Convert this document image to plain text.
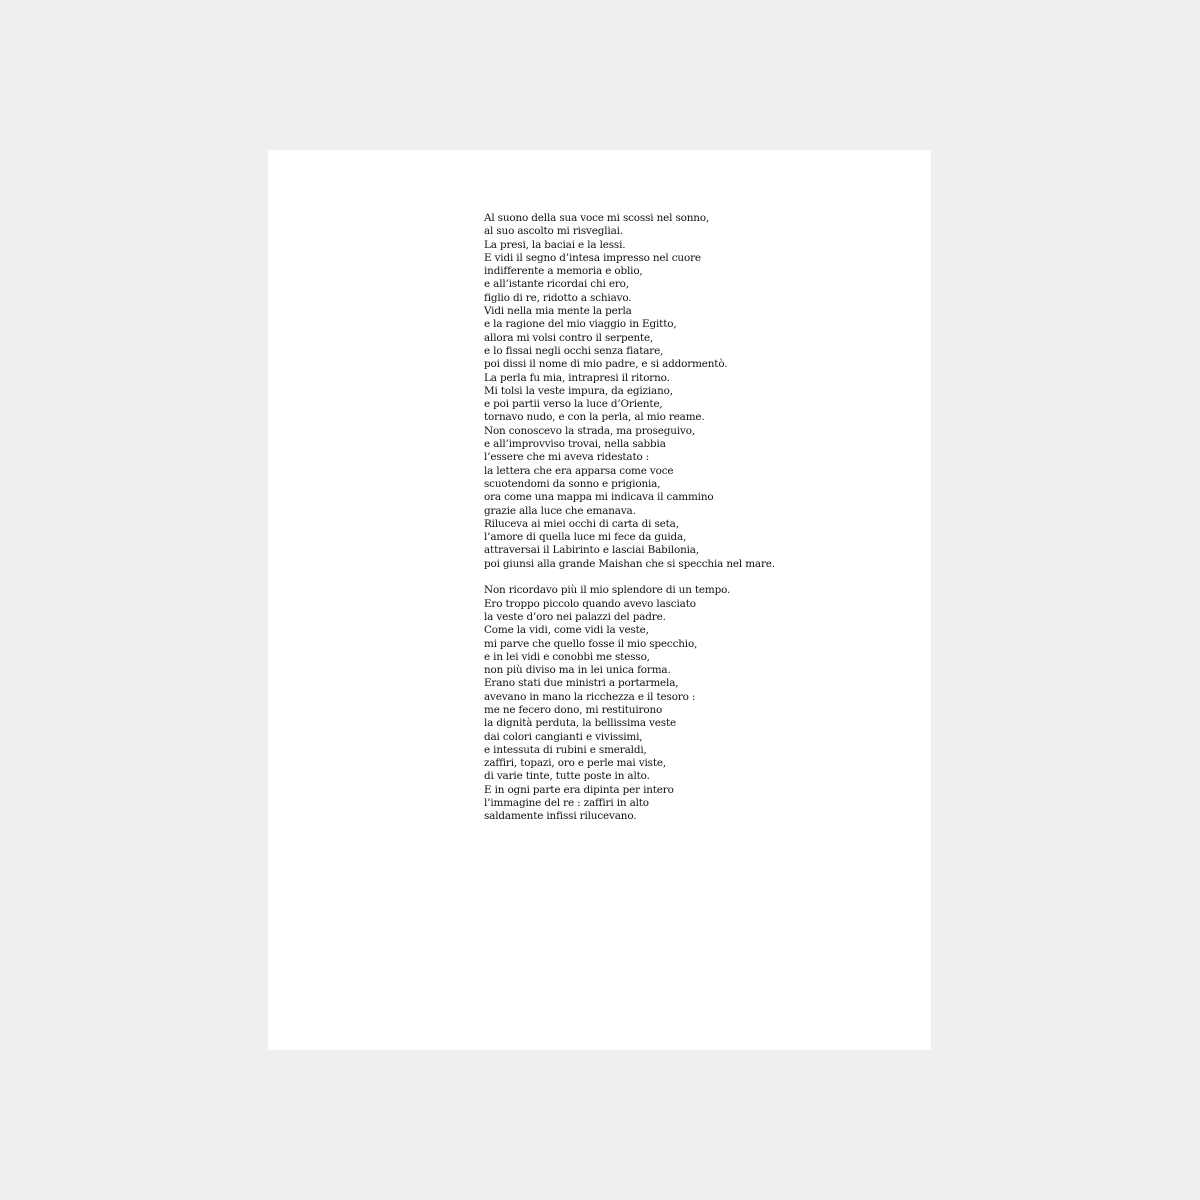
Al suono della sua voce mi scossi nel sonno,
al suo ascolto mi risvegliai.
La presi, la baciai e la lessi.
E vidi il segno d’intesa impresso nel cuore
indifferente a memoria e oblio,
e all’istante ricordai chi ero,
figlio di re, ridotto a schiavo.
Vidi nella mia mente la perla
e la ragione del mio viaggio in Egitto,
allora mi volsi contro il serpente,
e lo fissai negli occhi senza fiatare,
poi dissi il nome di mio padre, e si addormentò.
La perla fu mia, intrapresi il ritorno.
Mi tolsi la veste impura, da egiziano,
e poi partii verso la luce d’Oriente,
tornavo nudo, e con la perla, al mio reame.
Non conoscevo la strada, ma proseguivo,
e all’improvviso trovai, nella sabbia
l’essere che mi aveva ridestato :
la lettera che era apparsa come voce
scuotendomi da sonno e prigionia,
ora come una mappa mi indicava il cammino
grazie alla luce che emanava.
Riluceva ai miei occhi di carta di seta,
l’amore di quella luce mi fece da guida,
attraversai il Labirinto e lasciai Babilonia,
poi giunsi alla grande Maishan che si specchia nel mare.
Non ricordavo più il mio splendore di un tempo.
Ero troppo piccolo quando avevo lasciato
la veste d’oro nei palazzi del padre.
Come la vidi, come vidi la veste,
mi parve che quello fosse il mio specchio,
e in lei vidi e conobbi me stesso,
non più diviso ma in lei unica forma.
Erano stati due ministri a portarmela,
avevano in mano la ricchezza e il tesoro :
me ne fecero dono, mi restituirono
la dignità perduta, la bellissima veste
dai colori cangianti e vivissimi,
e intessuta di rubini e smeraldi,
zaffiri, topazi, oro e perle mai viste,
di varie tinte, tutte poste in alto.
E in ogni parte era dipinta per intero
l’immagine del re : zaffiri in alto
saldamente infissi rilucevano.
